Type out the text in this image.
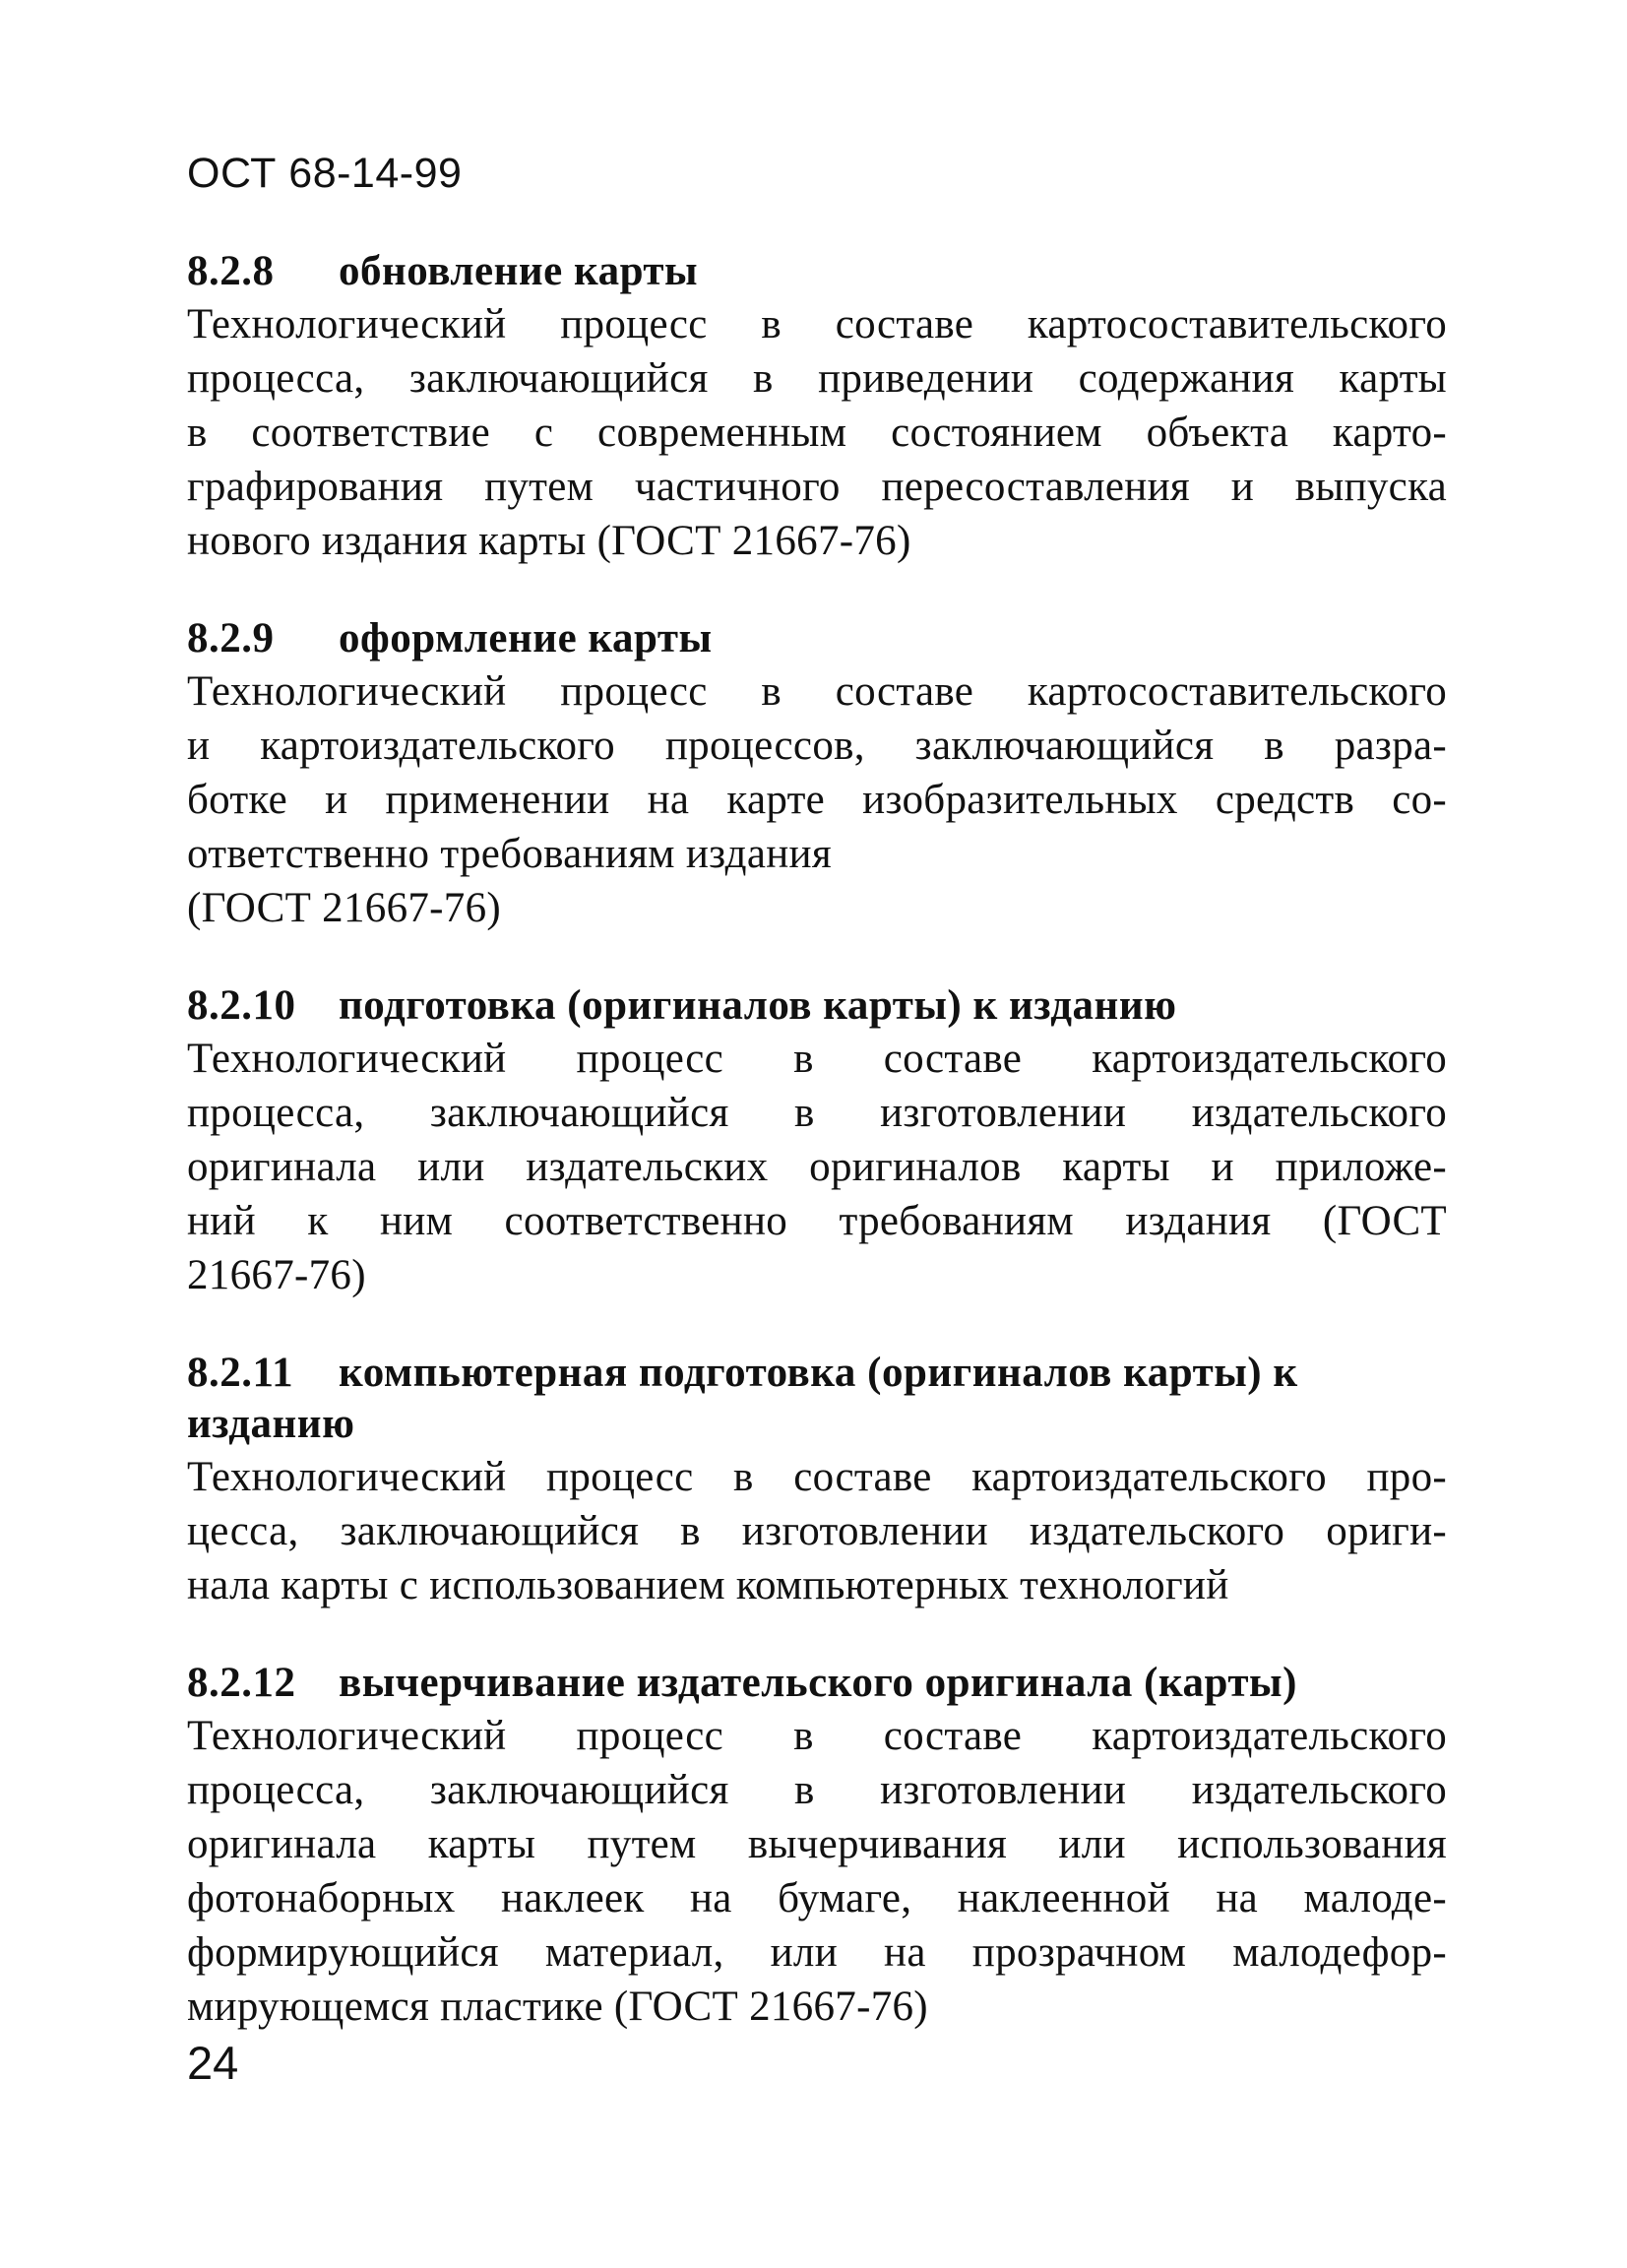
ОСТ 68-14-99
8.2.8 обновление карты
Технологический процесс в составе картосоставительского
процесса, заключающийся в приведении содержания карты
в соответствие с современным состоянием объекта карто-
графирования путем частичного пересоставления и выпуска
нового издания карты (ГОСТ 21667-76)
8.2.9 оформление карты
Технологический процесс в составе картосоставительского
и картоиздательского процессов, заключающийся в разра-
ботке и применении на карте изобразительных средств со-
ответственно требованиям издания
(ГОСТ 21667-76)
8.2.10 подготовка (оригиналов карты) к изданию
Технологический процесс в составе картоиздательского
процесса, заключающийся в изготовлении издательского
оригинала или издательских оригиналов карты и приложе-
ний к ним соответственно требованиям издания (ГОСТ
21667-76)
8.2.11 компьютерная подготовка (оригиналов карты) к
изданию
Технологический процесс в составе картоиздательского про-
цесса, заключающийся в изготовлении издательского ориги-
нала карты с использованием компьютерных технологий
8.2.12 вычерчивание издательского оригинала (карты)
Технологический процесс в составе картоиздательского
процесса, заключающийся в изготовлении издательского
оригинала карты путем вычерчивания или использования
фотонаборных наклеек на бумаге, наклеенной на малоде-
формирующийся материал, или на прозрачном малодефор-
мирующемся пластике (ГОСТ 21667-76)
24
